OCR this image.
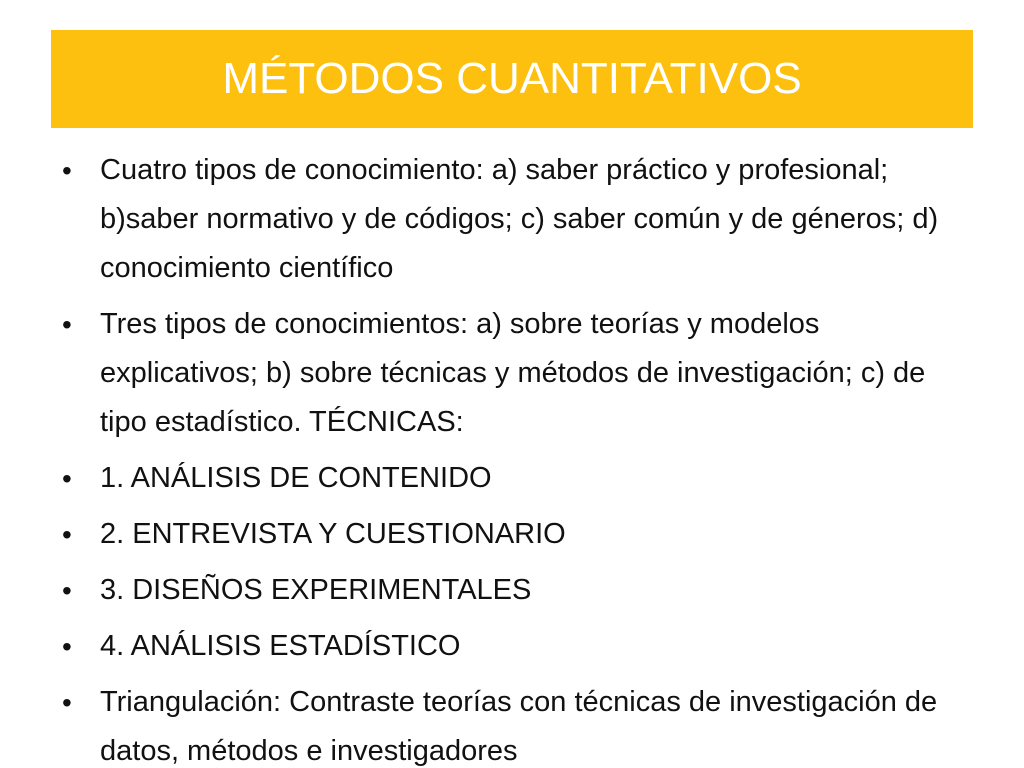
MÉTODOS CUANTITATIVOS
• Cuatro tipos de conocimiento: a) saber práctico y profesional; b)saber normativo y de códigos; c) saber común y de géneros; d) conocimiento científico
• Tres tipos de conocimientos: a) sobre teorías y modelos explicativos; b) sobre técnicas y métodos de investigación; c) de tipo estadístico. TÉCNICAS:
• 1. ANÁLISIS DE CONTENIDO
• 2. ENTREVISTA Y CUESTIONARIO
• 3. DISEÑOS EXPERIMENTALES
• 4. ANÁLISIS ESTADÍSTICO
• Triangulación: Contraste teorías con técnicas de investigación de datos, métodos e investigadores
